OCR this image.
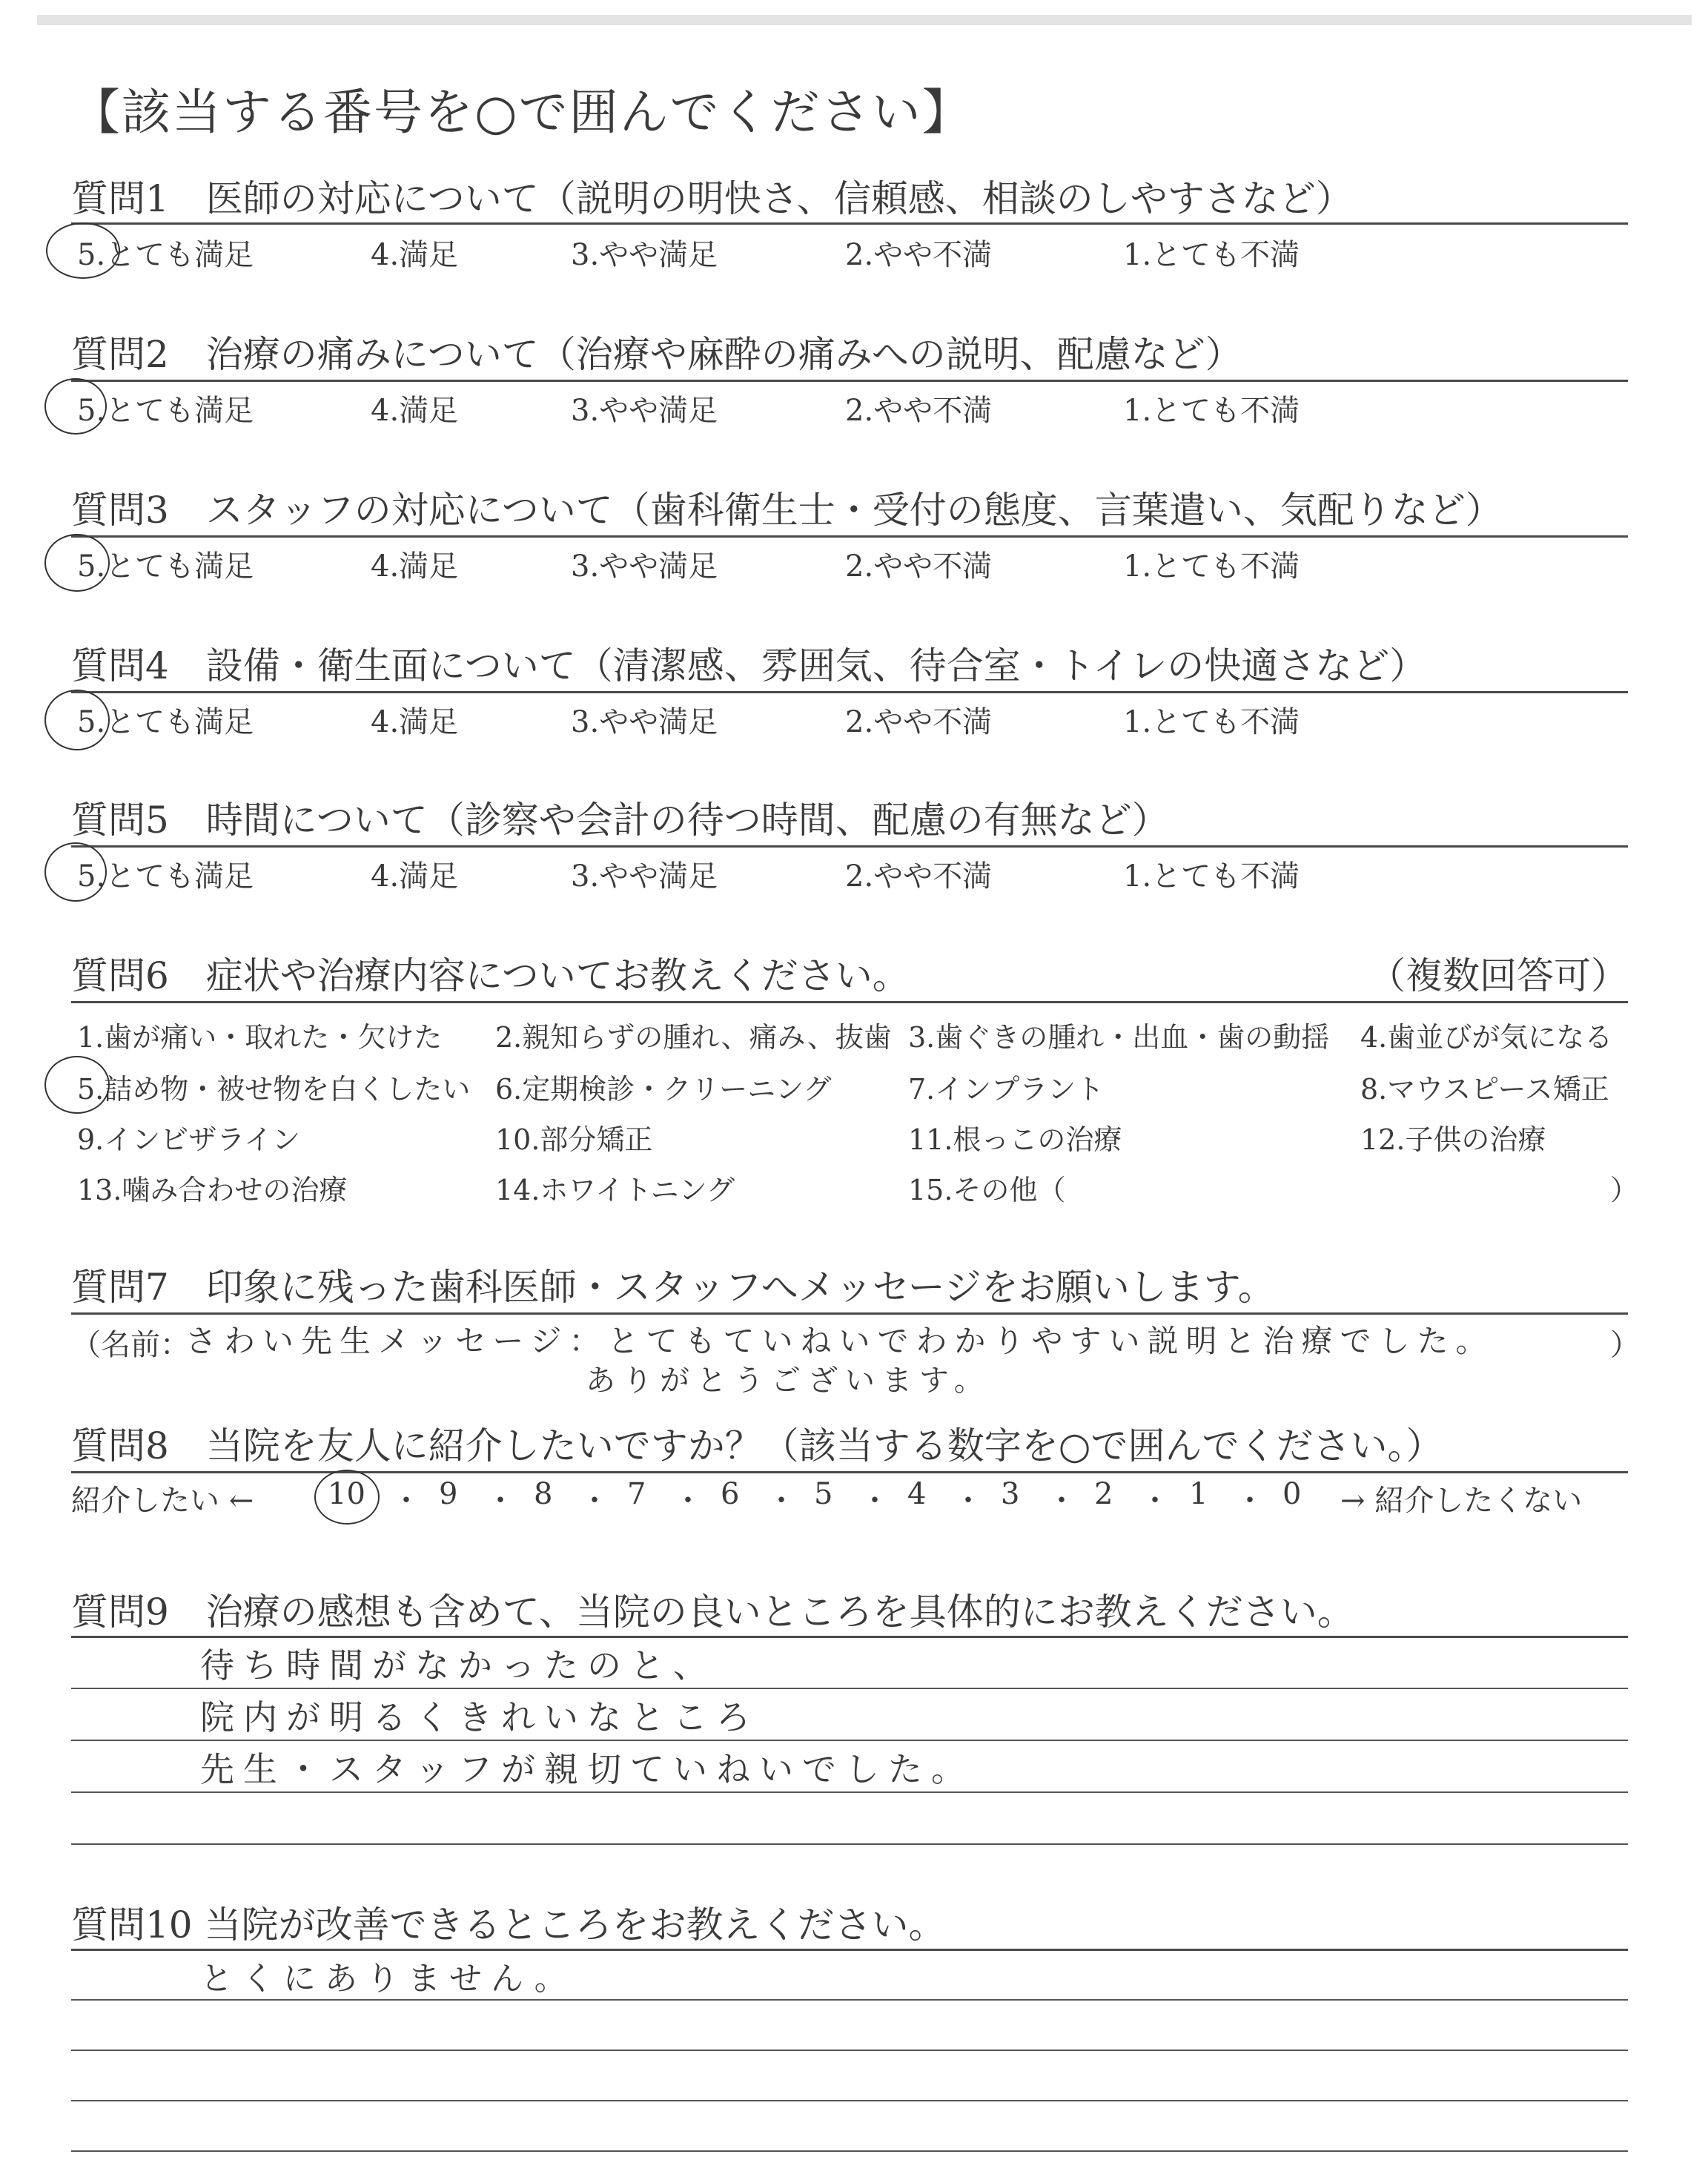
【該当する番号を○で囲んでください】
質問1　医師の対応について（説明の明快さ、信頼感、相談のしやすさなど）
5.とても満足	4.満足	3.やや満足	2.やや不満	1.とても不満
質問2　治療の痛みについて（治療や麻酔の痛みへの説明、配慮など）
5.とても満足	4.満足	3.やや満足	2.やや不満	1.とても不満
質問3　スタッフの対応について（歯科衛生士・受付の態度、言葉遣い、気配りなど）
5.とても満足	4.満足	3.やや満足	2.やや不満	1.とても不満
質問4　設備・衛生面について（清潔感、雰囲気、待合室・トイレの快適さなど）
5.とても満足	4.満足	3.やや満足	2.やや不満	1.とても不満
質問5　時間について（診察や会計の待つ時間、配慮の有無など）
5.とても満足	4.満足	3.やや満足	2.やや不満	1.とても不満
質問6　症状や治療内容についてお教えください。	（複数回答可）
1.歯が痛い・取れた・欠けた 2.親知らずの腫れ、痛み、抜歯 3.歯ぐきの腫れ・出血・歯の動揺 4.歯並びが気になる
5.詰め物・被せ物を白くしたい 6.定期検診・クリーニング	7.インプラント	8.マウスピース矯正
9.インビザライン	10.部分矯正	11.根っこの治療	12.子供の治療
13.噛み合わせの治療	14.ホワイトニング	15.その他（	）
質問7　印象に残った歯科医師・スタッフへメッセージをお願いします。
（名前：	）
さわい先生メッセージ：とてもていねいでわかりやすい説明と治療でした。
ありがとうございます。
質問8　当院を友人に紹介したいですか？（該当する数字を○で囲んでください。）
紹介したい ← 10 ・ 9 ・ 8 ・ 7 ・ 6 ・ 5 ・ 4 ・ 3 ・ 2 ・ 1 ・ 0 → 紹介したくない
質問9　治療の感想も含めて、当院の良いところを具体的にお教えください。
待ち時間がなかったのと、
院内が明るくきれいなところ
先生・スタッフが親切ていねいでした。
質問10 当院が改善できるところをお教えください。
とくにありません。
